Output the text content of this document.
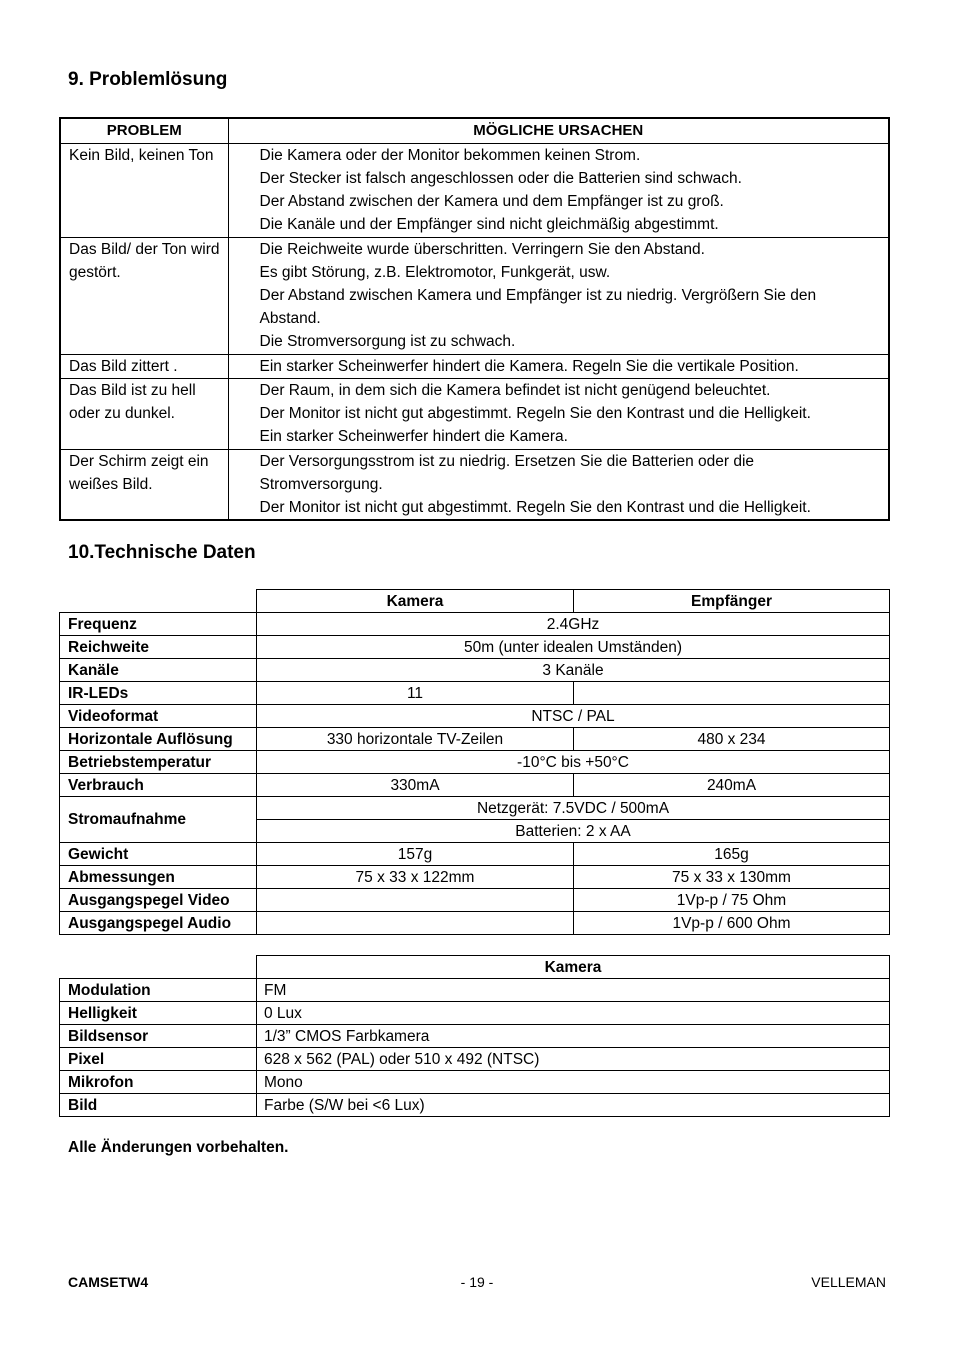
9. Problemlösung
PROBLEM	MÖGLICHE URSACHEN
Kein Bild, keinen Ton	Die Kamera oder der Monitor bekommen keinen Strom.
Der Stecker ist falsch angeschlossen oder die Batterien sind schwach.
Der Abstand zwischen der Kamera und dem Empfänger ist zu groß.
Die Kanäle und der Empfänger sind nicht gleichmäßig abgestimmt.

Das Bild/ der Ton wird gestört.	Die Reichweite wurde überschritten. Verringern Sie den Abstand.
Es gibt Störung, z.B. Elektromotor, Funkgerät, usw.
Der Abstand zwischen Kamera und Empfänger ist zu niedrig. Vergrößern Sie den Abstand.
Die Stromversorgung ist zu schwach.

Das Bild zittert .	Ein starker Scheinwerfer hindert die Kamera. Regeln Sie die vertikale Position.

Das Bild ist zu hell oder zu dunkel.	Der Raum, in dem sich die Kamera befindet ist nicht genügend beleuchtet.
Der Monitor ist nicht gut abgestimmt. Regeln Sie den Kontrast und die Helligkeit.
Ein starker Scheinwerfer hindert die Kamera.

Der Schirm zeigt ein weißes Bild.	Der Versorgungsstrom ist zu niedrig. Ersetzen Sie die Batterien oder die Stromversorgung.
Der Monitor ist nicht gut abgestimmt. Regeln Sie den Kontrast und die Helligkeit.
10.Technische Daten
	Kamera	Empfänger
Frequenz	2.4GHz	
Reichweite	50m (unter idealen Umständen)	
Kanäle	3 Kanäle	
IR-LEDs	11	
Videoformat	NTSC / PAL	
Horizontale Auflösung	330 horizontale TV-Zeilen	480 x 234
Betriebstemperatur	-10°C bis +50°C	
Verbrauch	330mA	240mA
Stromaufnahme	Netzgerät: 7.5VDC / 500mA	
	Batterien: 2 x AA	
Gewicht	157g	165g
Abmessungen	75 x 33 x 122mm	75 x 33 x 130mm
Ausgangspegel Video		1Vp-p / 75 Ohm
Ausgangspegel Audio		1Vp-p / 600 Ohm
	Kamera
Modulation	FM
Helligkeit	0 Lux
Bildsensor	1/3” CMOS Farbkamera
Pixel	628 x 562 (PAL) oder 510 x 492 (NTSC)
Mikrofon	Mono
Bild	Farbe (S/W bei <6 Lux)
Alle Änderungen vorbehalten.
CAMSETW4	- 19 -	VELLEMAN
